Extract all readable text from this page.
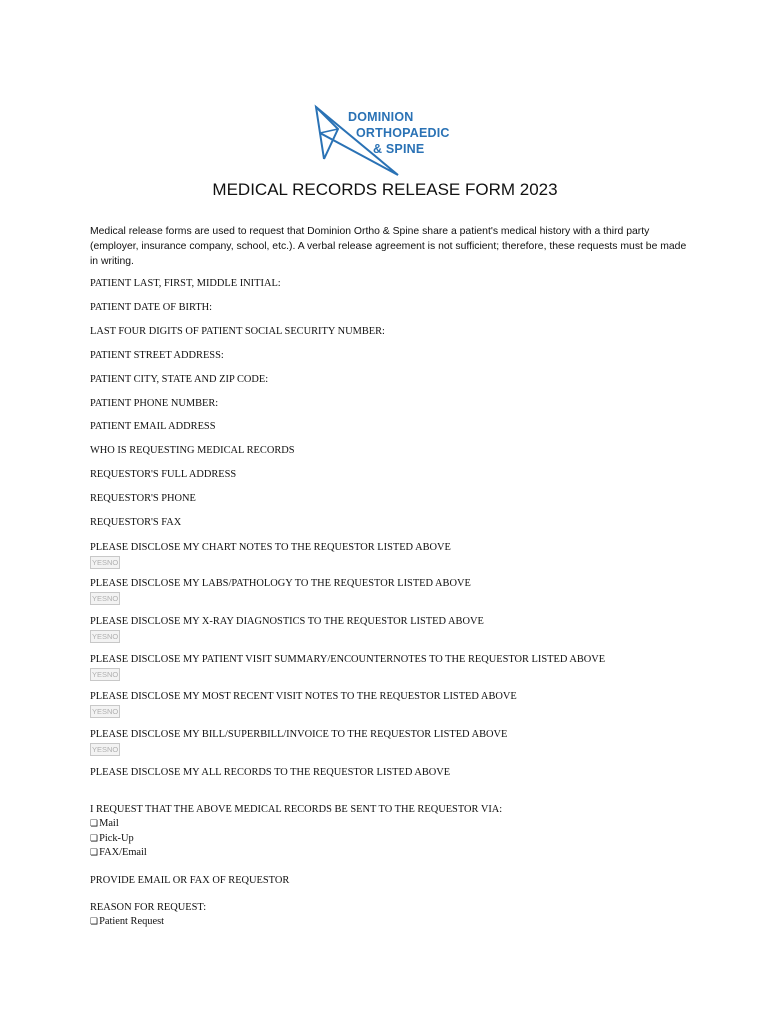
DOMINION
ORTHOPAEDIC
& SPINE
MEDICAL RECORDS RELEASE FORM 2023
Medical release forms are used to request that Dominion Ortho & Spine share a patient's medical history with a third party (employer, insurance company, school, etc.). A verbal release agreement is not sufficient; therefore, these requests must be made in writing.
PATIENT LAST, FIRST, MIDDLE INITIAL:
PATIENT DATE OF BIRTH:
LAST FOUR DIGITS OF PATIENT SOCIAL SECURITY NUMBER:
PATIENT STREET ADDRESS:
PATIENT CITY, STATE AND ZIP CODE:
PATIENT PHONE NUMBER:
PATIENT EMAIL ADDRESS
WHO IS REQUESTING MEDICAL RECORDS
REQUESTOR'S FULL ADDRESS
REQUESTOR'S PHONE
REQUESTOR'S FAX
PLEASE DISCLOSE MY CHART NOTES TO THE REQUESTOR LISTED ABOVE
YESNO
PLEASE DISCLOSE MY LABS/PATHOLOGY TO THE REQUESTOR LISTED ABOVE
YESNO
PLEASE DISCLOSE MY X-RAY DIAGNOSTICS TO THE REQUESTOR LISTED ABOVE
YESNO
PLEASE DISCLOSE MY PATIENT VISIT SUMMARY/ENCOUNTERNOTES TO THE REQUESTOR LISTED ABOVE
YESNO
PLEASE DISCLOSE MY MOST RECENT VISIT NOTES TO THE REQUESTOR LISTED ABOVE
YESNO
PLEASE DISCLOSE MY BILL/SUPERBILL/INVOICE TO THE REQUESTOR LISTED ABOVE
YESNO
PLEASE DISCLOSE MY ALL RECORDS TO THE REQUESTOR LISTED ABOVE
I REQUEST THAT THE ABOVE MEDICAL RECORDS BE SENT TO THE REQUESTOR VIA:
❏Mail
❏Pick-Up
❏FAX/Email
PROVIDE EMAIL OR FAX OF REQUESTOR
REASON FOR REQUEST:
❏Patient Request
